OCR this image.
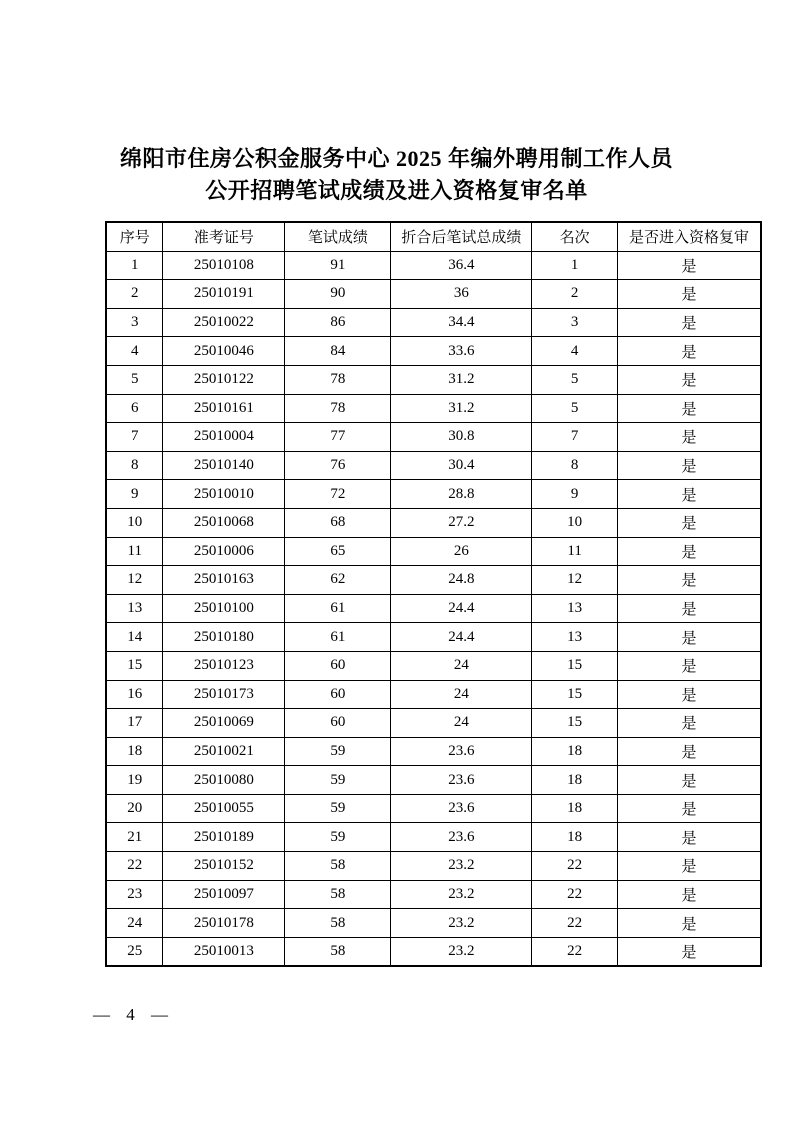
绵阳市住房公积金服务中心 2025 年编外聘用制工作人员
公开招聘笔试成绩及进入资格复审名单
序号	准考证号	笔试成绩	折合后笔试总成绩	名次	是否进入资格复审
1	25010108	91	36.4	1	是
2	25010191	90	36	2	是
3	25010022	86	34.4	3	是
4	25010046	84	33.6	4	是
5	25010122	78	31.2	5	是
6	25010161	78	31.2	5	是
7	25010004	77	30.8	7	是
8	25010140	76	30.4	8	是
9	25010010	72	28.8	9	是
10	25010068	68	27.2	10	是
11	25010006	65	26	11	是
12	25010163	62	24.8	12	是
13	25010100	61	24.4	13	是
14	25010180	61	24.4	13	是
15	25010123	60	24	15	是
16	25010173	60	24	15	是
17	25010069	60	24	15	是
18	25010021	59	23.6	18	是
19	25010080	59	23.6	18	是
20	25010055	59	23.6	18	是
21	25010189	59	23.6	18	是
22	25010152	58	23.2	22	是
23	25010097	58	23.2	22	是
24	25010178	58	23.2	22	是
25	25010013	58	23.2	22	是
— 4 —
